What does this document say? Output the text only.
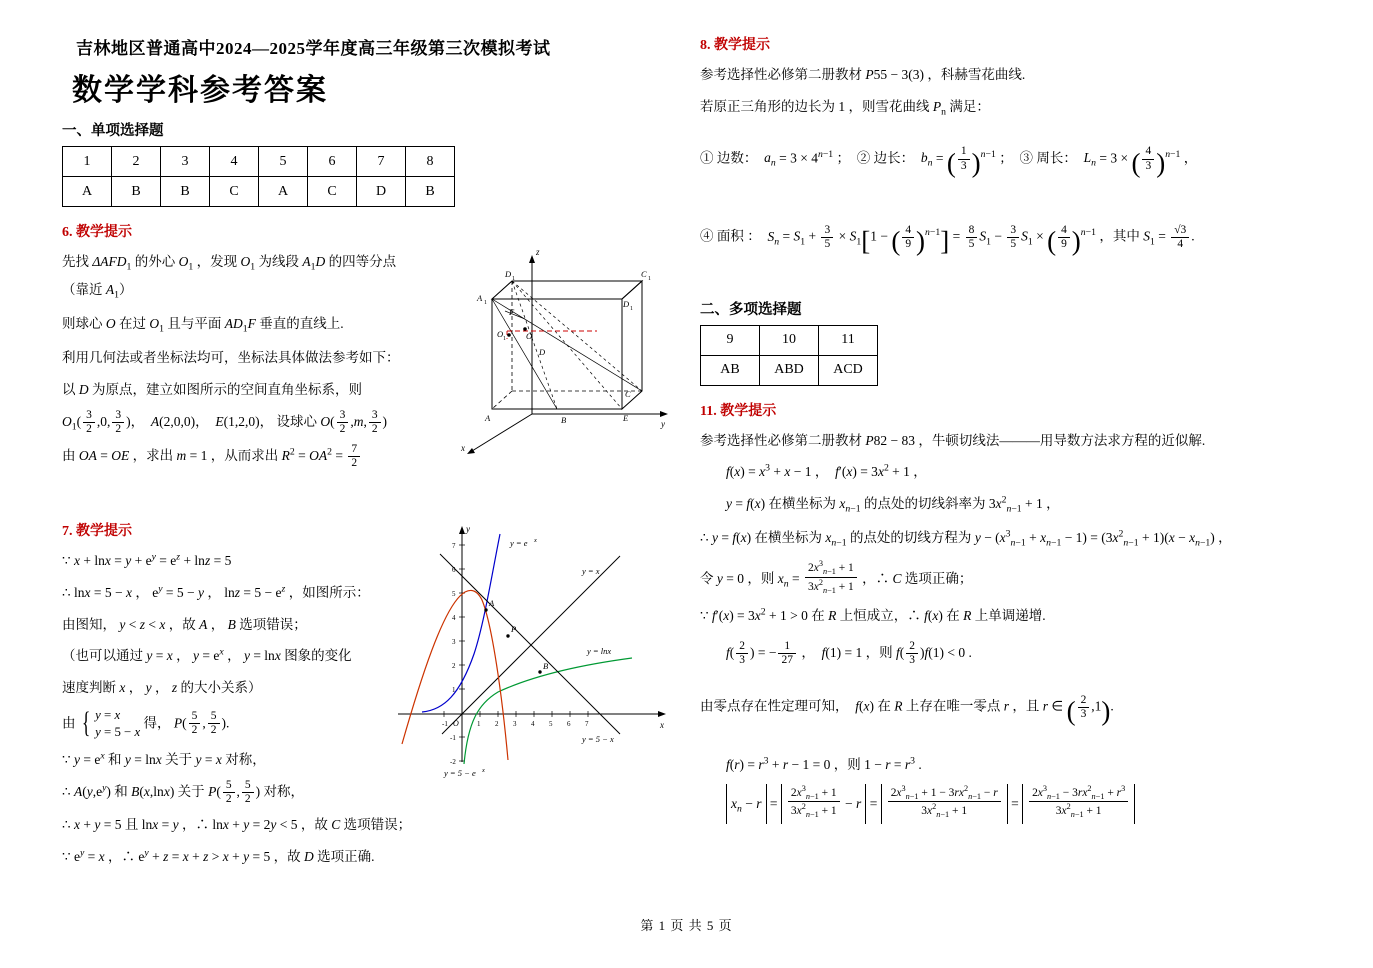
吉林地区普通高中2024—2025学年度高三年级第三次模拟考试
数学学科参考答案
一、单项选择题
1	2	3	4	5	6	7	8
A	B	B	C	A	C	D	B
6. 教学提示

先找 $\Delta AFD_1$ 的外心 $O_1$ ，发现 $O_1$ 为线段 $A_1D$ 的四等分点（靠近 $A_1$）

则球心 O 在过 $O_1$ 且与平面 $AD_1F$ 垂直的直线上.

利用几何法或者坐标法均可，坐标法具体做法参考如下：

以 D 为原点，建立如图所示的空间直角坐标系，则

$O_1( \frac{3}{2} ,0$, $\frac{3}{2}$ )，  A(2,0,0)，  E(1,2,0)， 设球心 $O( \frac{3}{2} ,m$, $\frac{3}{2}$ )

由 OA = OE ，求出 m = 1 ，从而求出 $R^2 = OA^2 = \frac{7}{2}$

z
y
x
D 1	C 1
A 1	D 1
O 1
F
O
D
C
E
A	B
7. 教学提示

∵ $x + \ln x = y + e^y = e^z + \ln z = 5$

∴ lnx = 5 − x ， $e^y = 5 - y$ ， $\ln z = 5 - e^z$ ，如图所示：

由图知， y < z < x ，故 A ， B 选项错误；

（也可以通过 y = x ， $y = e^x$ ， y = lnx 图象的变化

速度判断 x ， y ， z 的大小关系）

由 { y = x
y = 5 − x 得， $P( \frac{5}{2}$ , $\frac{5}{2}$ ).

∵ $y = e^x$ 和 y = lnx 关于 y = x 对称，

∴ $A(y,e^y)$ 和 B(x,lnx) 关于 $P( \frac{5}{2}$ , $\frac{5}{2}$ ) 对称，

∴ x + y = 5 且 lnx = y ，∴ lnx + y = 2y < 5 ，故 C 选项错误；

∵ $e^y = x$ ，∴ $e^y + z = x + z > x + y = 5$ ，故 D 选项正确.

y
x
O
7
6
5
4
3
2
1
-1
-2
-1	1 2 3 4 5 6 7
y = e x
y = x
y = lnx
y = 5 − x
y = 5 − e x
A
P
B
8. 教学提示

参考选择性必修第二册教材 P55 − 3(3) ，科赫雪花曲线.

若原正三角形的边长为 1 ，则雪花曲线 $P_n$ 满足：

① 边数：  $a_n = 3 \times 4^{n-1}$ ；  ② 边长：  $b_n$ = ( $\frac{1}{3} )^{n-1}$ ；  ③ 周长：  $L_n = 3$ × ( $\frac{4}{3} )^{n-1}$ ，

④ 面积 ：  $S_n = S_1 + \frac{3}{5} \times S_1[1$ − ( $\frac{4}{9} )^{n-1}] = \frac{8}{5} S_1 - \frac{3}{5} S_1$ × ( $\frac{4}{9} )^{n-1}$ ，其中 $S_1 = \frac{√3}{4}$ .

二、多项选择题
9	10	11
AB	ABD	ACD
11. 教学提示

参考选择性必修第二册教材 P82 − 83 ，牛顿切线法———用导数方法求方程的近似解.

$f(x) = x^3 + x - 1$ ，  $f'(x) = 3x^2 + 1$ ，

y = f(x) 在横坐标为 $x_{n-1}$ 的点处的切线斜率为 $3x^2_{n-1} + 1$ ，

∴ y = f(x) 在横坐标为 $x_{n-1}$ 的点处的切线方程为 $y - (x^3_{n-1} + x_{n-1} - 1) = (3x^2_{n-1} + 1)(x - x_{n-1})$ ，

令 y = 0 ，则 $x_n = \frac{2x^3_{n-1} + 1}{3x^2_{n-1} + 1}$ ，∴ C 选项正确；

∵ $f'(x) = 3x^2 + 1 > 0$ 在 R 上恒成立，∴ f(x) 在 R 上单调递增.

$f( \frac{2}{3}$ ) = − $\frac{1}{27}$ ，  f(1) = 1 ，则 $f( \frac{2}{3} )f(1) < 0$ .

由零点存在性定理可知，  f(x) 在 R 上存在唯一零点 r ，且 r ∈ ( $\frac{2}{3} ,1$).

$f(r) = r^3 + r - 1 = 0$ ，则 $1 - r = r^3$ .

$x_n - r = \frac{2x^3_{n-1} + 1}{3x^2_{n-1} + 1} - r = \frac{2x^3_{n-1} + 1 - 3rx^2_{n-1} - r}{3x^2_{n-1} + 1} = \frac{2x^3_{n-1} - 3rx^2_{n-1} + r^3}{3x^2_{n-1} + 1}$

第 1 页 共 5 页
